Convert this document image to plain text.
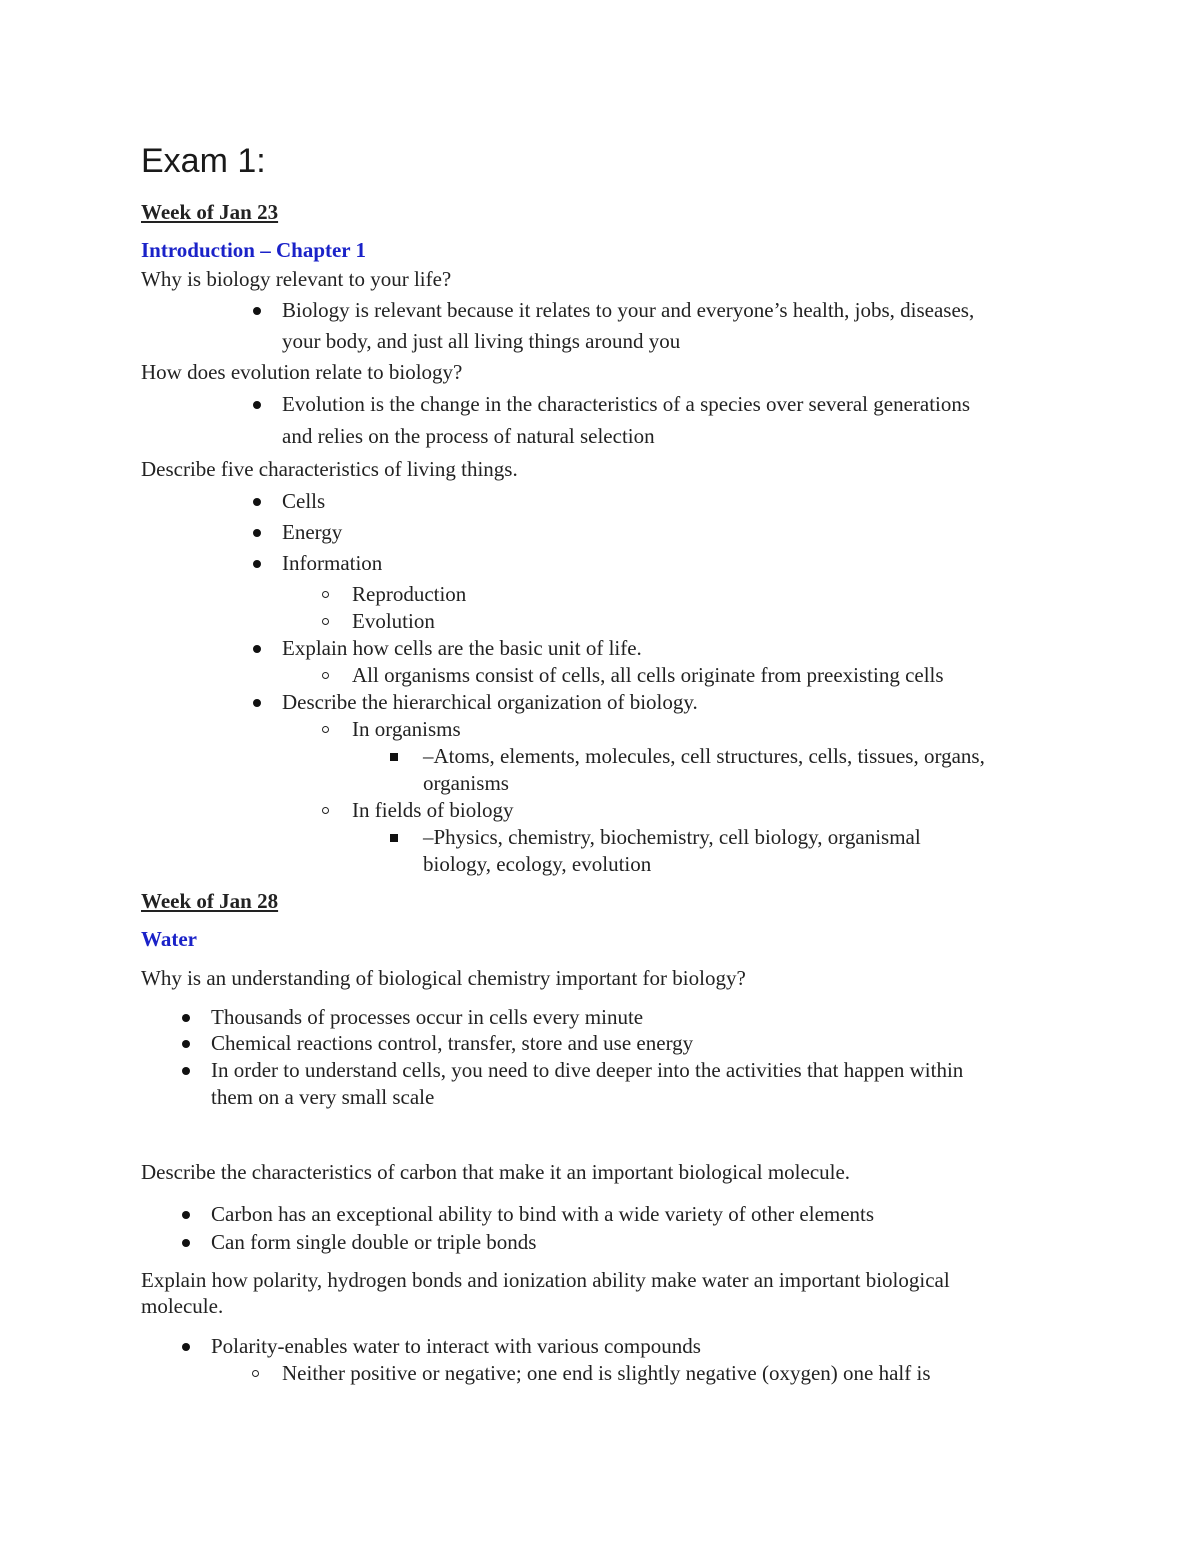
Exam 1:
Week of Jan 23
Introduction – Chapter 1
Why is biology relevant to your life?
Biology is relevant because it relates to your and everyone’s health, jobs, diseases,
your body, and just all living things around you
How does evolution relate to biology?
Evolution is the change in the characteristics of a species over several generations
and relies on the process of natural selection
Describe five characteristics of living things.
Cells
Energy
Information
Reproduction
Evolution
Explain how cells are the basic unit of life.
All organisms consist of cells, all cells originate from preexisting cells
Describe the hierarchical organization of biology.
In organisms
–Atoms, elements, molecules, cell structures, cells, tissues, organs,
organisms
In fields of biology
–Physics, chemistry, biochemistry, cell biology, organismal
biology, ecology, evolution
Week of Jan 28
Water
Why is an understanding of biological chemistry important for biology?
Thousands of processes occur in cells every minute
Chemical reactions control, transfer, store and use energy
In order to understand cells, you need to dive deeper into the activities that happen within
them on a very small scale
Describe the characteristics of carbon that make it an important biological molecule.
Carbon has an exceptional ability to bind with a wide variety of other elements
Can form single double or triple bonds
Explain how polarity, hydrogen bonds and ionization ability make water an important biological
molecule.
Polarity-enables water to interact with various compounds
Neither positive or negative; one end is slightly negative (oxygen) one half is
